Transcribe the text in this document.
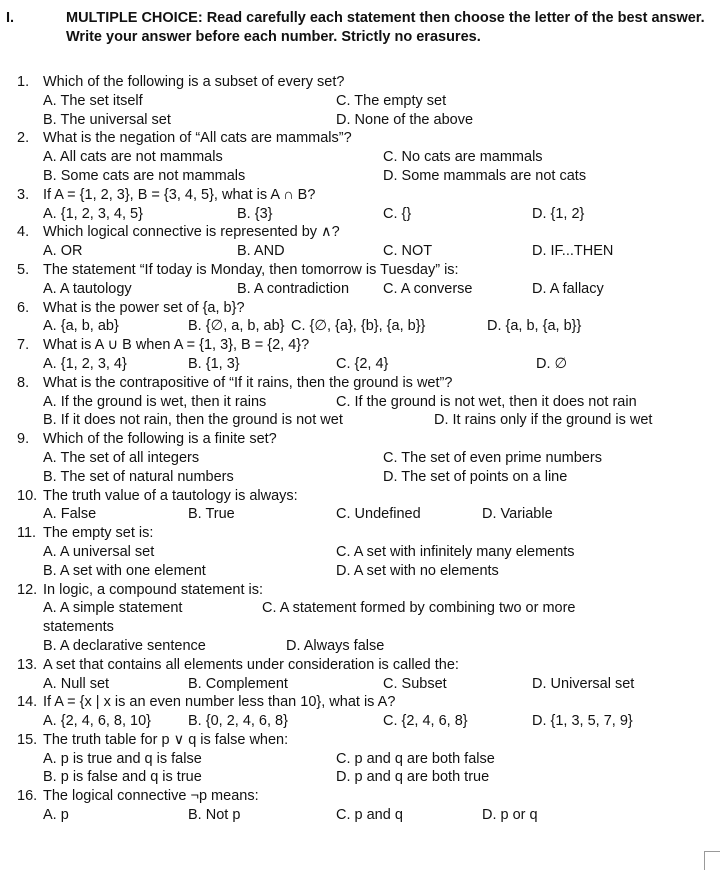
I.	MULTIPLE CHOICE: Read carefully each statement then choose the letter of the best answer. Write your answer before each number. Strictly no erasures.
1. Which of the following is a subset of every set?
A. The set itself	C. The empty set
B. The universal set	D. None of the above
2. What is the negation of “All cats are mammals”?
A. All cats are not mammals	C. No cats are mammals
B. Some cats are not mammals	D. Some mammals are not cats
3. If A = {1, 2, 3}, B = {3, 4, 5}, what is A ∩ B?
A. {1, 2, 3, 4, 5}	B. {3}	C. {}	D. {1, 2}
4. Which logical connective is represented by ∧?
A. OR	B. AND	C. NOT	D. IF...THEN
5. The statement “If today is Monday, then tomorrow is Tuesday” is:
A. A tautology	B. A contradiction C. A converse	D. A fallacy
6. What is the power set of {a, b}?
A. {a, b, ab}	B. {∅, a, b, ab} C. {∅, {a}, {b}, {a, b}}	D. {a, b, {a, b}}
7. What is A ∪ B when A = {1, 3}, B = {2, 4}?
A. {1, 2, 3, 4}	B. {1, 3}	C. {2, 4}	D. ∅
8. What is the contrapositive of “If it rains, then the ground is wet”?
A. If the ground is wet, then it rains	C. If the ground is not wet, then it does not rain
B. If it does not rain, then the ground is not wet	D. It rains only if the ground is wet
9. Which of the following is a finite set?
A. The set of all integers	C. The set of even prime numbers
B. The set of natural numbers	D. The set of points on a line
10. The truth value of a tautology is always:
A. False	B. True	C. Undefined	D. Variable
11. The empty set is:
A. A universal set	C. A set with infinitely many elements
B. A set with one element	D. A set with no elements
12. In logic, a compound statement is:
A. A simple statement	C. A statement formed by combining two or more
statements
B. A declarative sentence	D. Always false
13. A set that contains all elements under consideration is called the:
A. Null set	B. Complement	C. Subset	D. Universal set
14. If A = {x | x is an even number less than 10}, what is A?
A. {2, 4, 6, 8, 10}	B. {0, 2, 4, 6, 8}	C. {2, 4, 6, 8}	D. {1, 3, 5, 7, 9}
15. The truth table for p ∨ q is false when:
A. p is true and q is false	C. p and q are both false
B. p is false and q is true	D. p and q are both true
16. The logical connective ¬p means:
A. p	B. Not p	C. p and q	D. p or q
